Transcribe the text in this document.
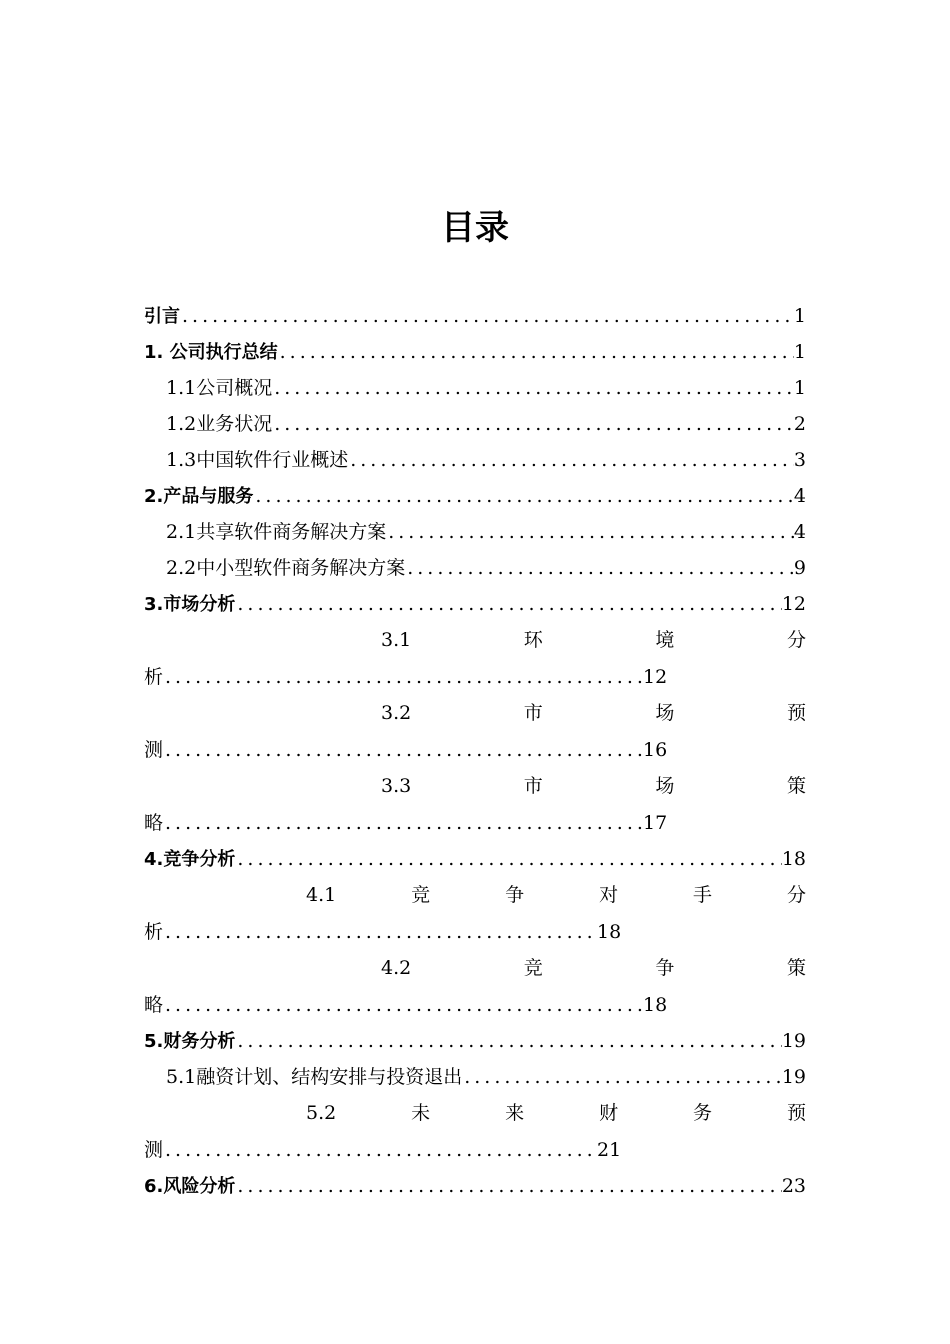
目录
引言 .....	1
1. 公司执行总结 .....	1
1.1公司概况 .....	1
1.2业务状况 .....	2
1.3中国软件行业概述 .....	3
2.产品与服务 .....	4
2.1共享软件商务解决方案 .....	4
2.2中小型软件商务解决方案 .....	9
3.市场分析 .....	12
3.1	环	境	分
析 .....	12
3.2	市	场	预
测 .....	16
3.3	市	场	策
略 .....	17
4.竞争分析 .....	18
4.1	竞	争	对	手	分
析 .....	18
4.2	竞	争	策
略 .....	18
5.财务分析 .....	19
5.1融资计划、结构安排与投资退出 .....	19
5.2	未	来	财	务	预
测 .....	21
6.风险分析 .....	23
